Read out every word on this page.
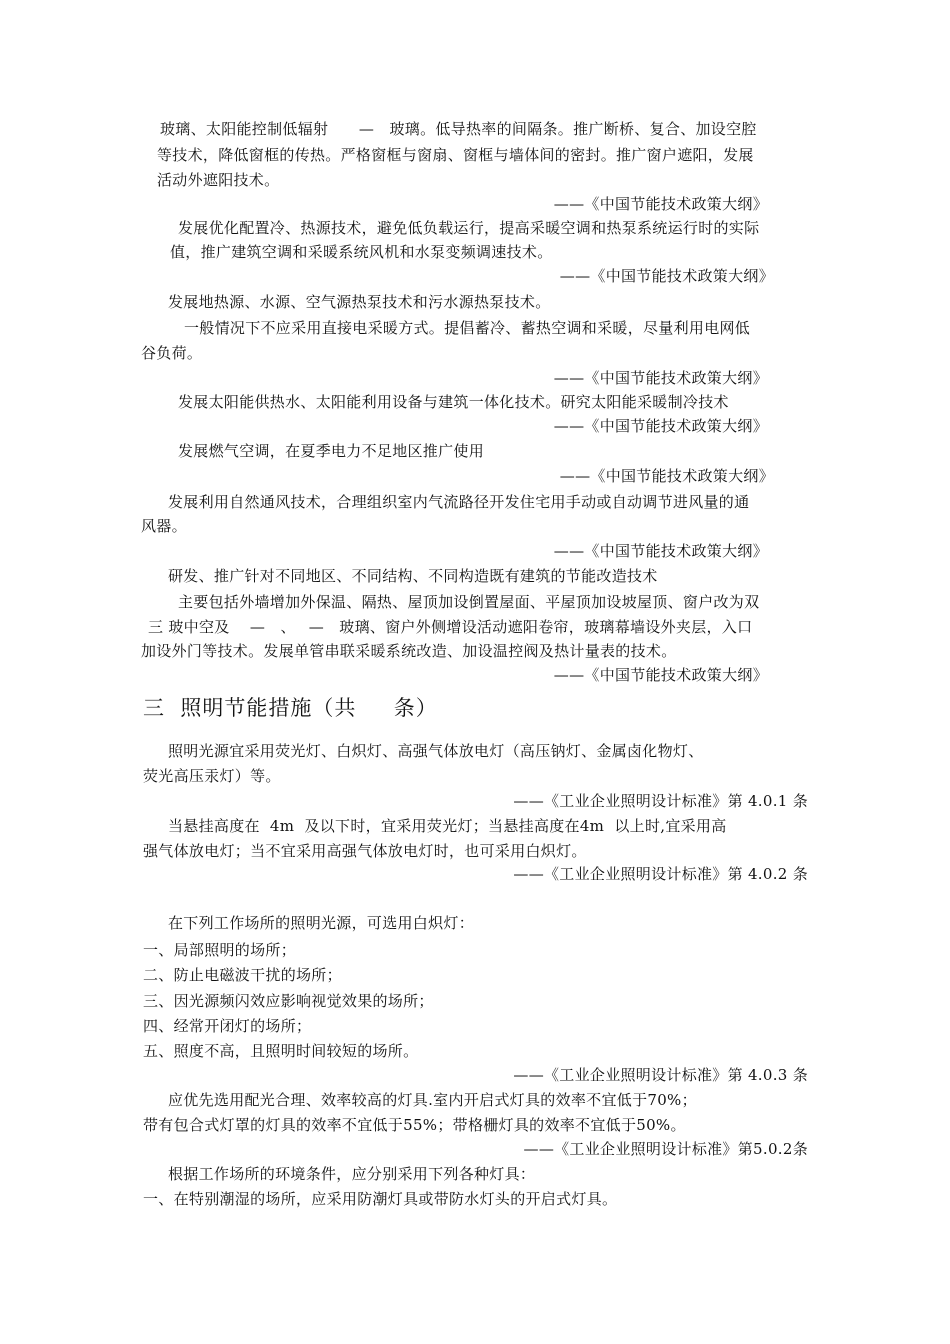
玻璃、太阳能控制低辐射　　—　玻璃。低导热率的间隔条。推广断桥、复合、加设空腔
等技术，降低窗框的传热。严格窗框与窗扇、窗框与墙体间的密封。推广窗户遮阳，发展
活动外遮阳技术。
——《中国节能技术政策大纲》
发展优化配置冷、热源技术，避免低负载运行，提高采暖空调和热泵系统运行时的实际
值，推广建筑空调和采暖系统风机和水泵变频调速技术。
——《中国节能技术政策大纲》
发展地热源、水源、空气源热泵技术和污水源热泵技术。
一般情况下不应采用直接电采暖方式。提倡蓄冷、蓄热空调和采暖，尽量利用电网低
谷负荷。
——《中国节能技术政策大纲》
发展太阳能供热水、太阳能利用设备与建筑一体化技术。研究太阳能采暖制冷技术
——《中国节能技术政策大纲》
发展燃气空调，在夏季电力不足地区推广使用
——《中国节能技术政策大纲》
发展利用自然通风技术，合理组织室内气流路径开发住宅用手动或自动调节进风量的通
风器。
——《中国节能技术政策大纲》
研发、推广针对不同地区、不同结构、不同构造既有建筑的节能改造技术
主要包括外墙增加外保温、隔热、屋顶加设倒置屋面、平屋顶加设坡屋顶、窗户改为双
三 玻中空及　 —　、　 —　玻璃、窗户外侧增设活动遮阳卷帘，玻璃幕墙设外夹层，入口
加设外门等技术。发展单管串联采暖系统改造、加设温控阀及热计量表的技术。
——《中国节能技术政策大纲》
三  照明节能措施（共　  条）
照明光源宜采用荧光灯、白炽灯、高强气体放电灯（高压钠灯、金属卤化物灯、
荧光高压汞灯）等。
——《工业企业照明设计标准》第 4.0.1 条
当悬挂高度在  4m  及以下时，宜采用荧光灯；当悬挂高度在4m  以上时,宜采用高
强气体放电灯；当不宜采用高强气体放电灯时，也可采用白炽灯。
——《工业企业照明设计标准》第 4.0.2 条
在下列工作场所的照明光源，可选用白炽灯：
一、局部照明的场所；
二、防止电磁波干扰的场所；
三、因光源频闪效应影响视觉效果的场所；
四、经常开闭灯的场所；
五、照度不高，且照明时间较短的场所。
——《工业企业照明设计标准》第 4.0.3 条
应优先选用配光合理、效率较高的灯具.室内开启式灯具的效率不宜低于70%；
带有包合式灯罩的灯具的效率不宜低于55%；带格栅灯具的效率不宜低于50%。
——《工业企业照明设计标准》第5.0.2条
根据工作场所的环境条件，应分别采用下列各种灯具：
一、在特别潮湿的场所，应采用防潮灯具或带防水灯头的开启式灯具。
